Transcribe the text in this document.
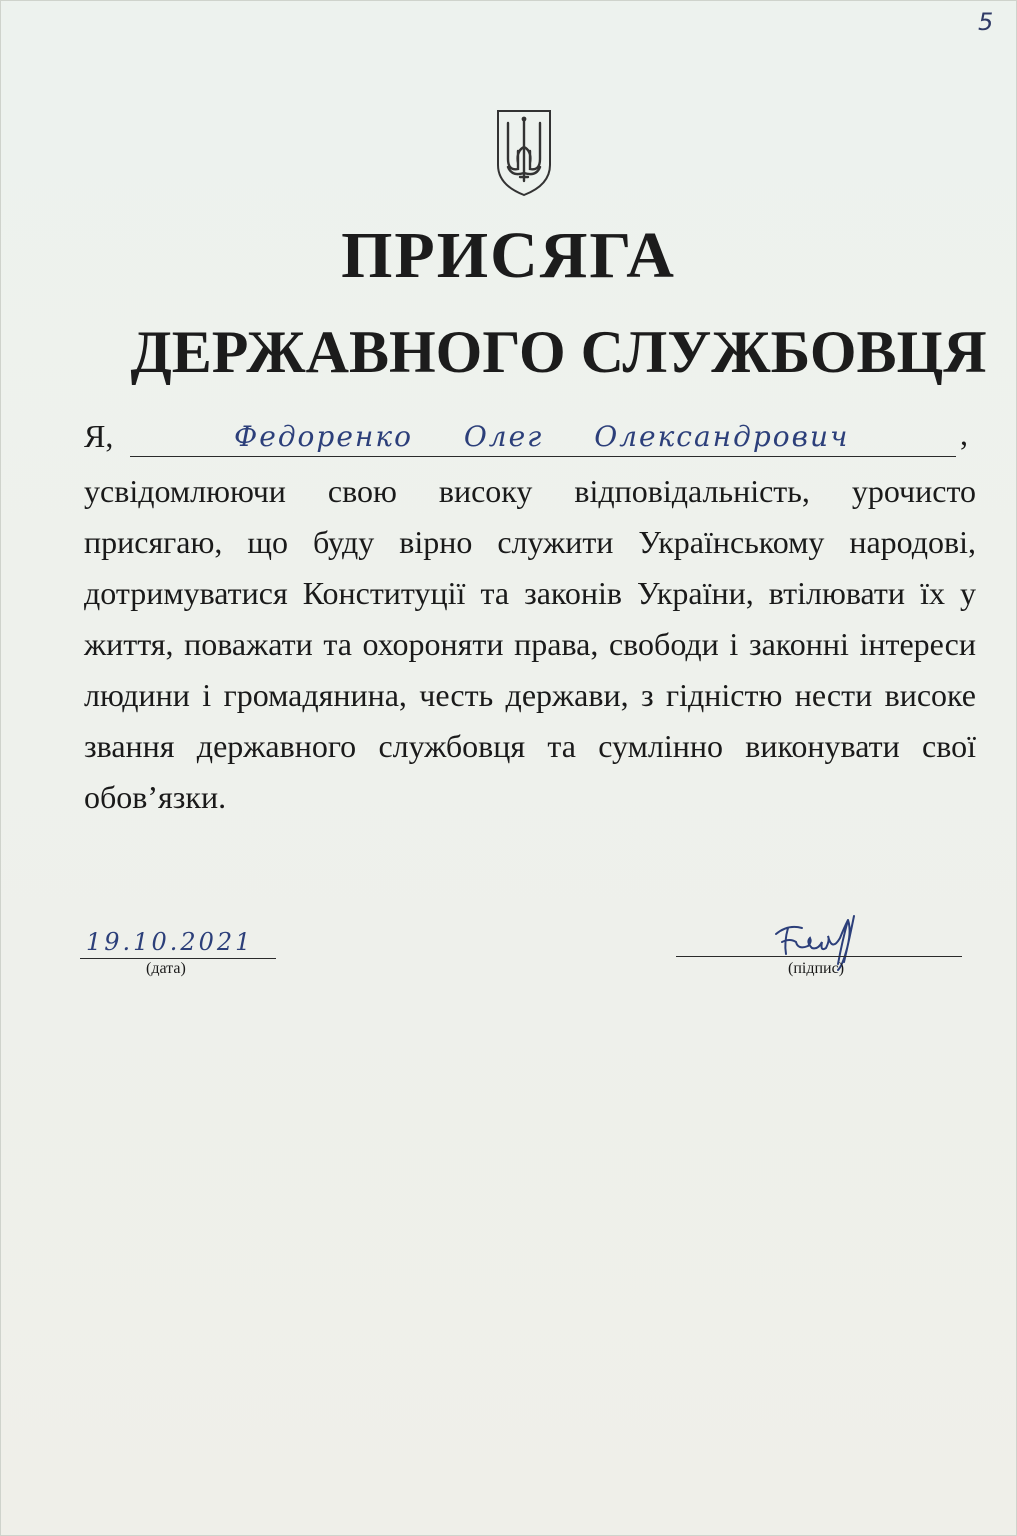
5
ПРИСЯГА
ДЕРЖАВНОГО СЛУЖБОВЦЯ
Я,	Федоренко Олег Олександрович	,

усвідомлюючи свою високу відповідальність, урочисто присягаю, що буду вірно служити Українському народові, дотримуватися Конституції та законів України, втілювати їх у життя, поважати та охороняти права, свободи і законні інтереси людини і громадянина, честь держави, з гідністю нести високе звання державного службовця та сумлінно виконувати свої обов’язки.

19.10.2021
(дата)	(підпис)
